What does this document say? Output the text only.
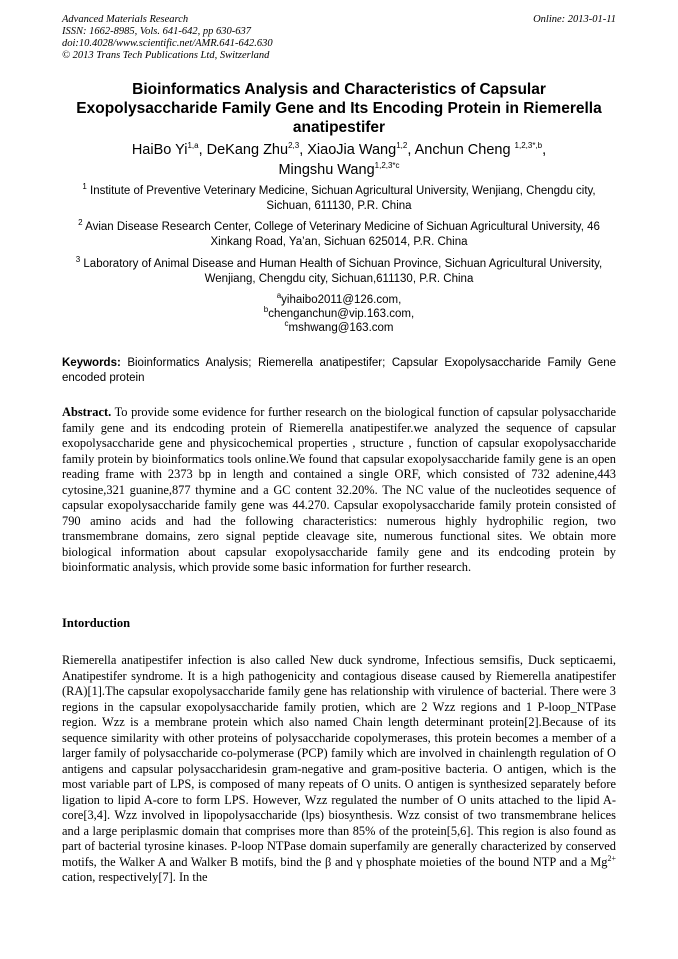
Advanced Materials Research
ISSN: 1662-8985, Vols. 641-642, pp 630-637
doi:10.4028/www.scientific.net/AMR.641-642.630
© 2013 Trans Tech Publications Ltd, Switzerland
Online: 2013-01-11
Bioinformatics Analysis and Characteristics of Capsular Exopolysaccharide Family Gene and Its Encoding Protein in Riemerella anatipestifer
HaiBo Yi$^{1,a}$, DeKang Zhu$^{2,3}$, XiaoJia Wang$^{1,2}$, Anchun Cheng $^{1,2,3*,b}$,
Mingshu Wang$^{1,2,3*c}$
$^1$ Institute of Preventive Veterinary Medicine, Sichuan Agricultural University, Wenjiang, Chengdu city, Sichuan, 611130, P.R. China
$^2$ Avian Disease Research Center, College of Veterinary Medicine of Sichuan Agricultural University, 46 Xinkang Road, Ya’an, Sichuan 625014, P.R. China
$^3$ Laboratory of Animal Disease and Human Health of Sichuan Province, Sichuan Agricultural University, Wenjiang, Chengdu city, Sichuan,611130, P.R. China
$^a$yihaibo2011@126.com,
$^b$chenganchun@vip.163.com,
$^c$mshwang@163.com
Keywords: Bioinformatics Analysis; Riemerella anatipestifer; Capsular Exopolysaccharide Family Gene encoded protein

Abstract. To provide some evidence for further research on the biological function of capsular polysaccharide family gene and its endcoding protein of Riemerella anatipestifer.we analyzed the sequence of capsular exopolysaccharide gene and physicochemical properties , structure , function of capsular exopolysaccharide family protein by bioinformatics tools online.We found that capsular exopolysaccharide family gene is an open reading frame with 2373 bp in length and contained a single ORF, which consisted of 732 adenine,443 cytosine,321 guanine,877 thymine and a GC content 32.20%. The NC value of the nucleotides sequence of capsular exopolysaccharide family gene was 44.270. Capsular exopolysaccharide family protein consisted of 790 amino acids and had the following characteristics: numerous highly hydrophilic region, two transmembrane domains, zero signal peptide cleavage site, numerous functional sites. We obtain more biological information about capsular exopolysaccharide family gene and its endcoding protein by bioinformatic analysis, which provide some basic information for further research.

Intorduction

Riemerella anatipestifer infection is also called New duck syndrome, Infectious semsifis, Duck septicaemi, Anatipestifer syndrome. It is a high pathogenicity and contagious disease caused by Riemerella anatipestifer (RA)[1].The capsular exopolysaccharide family gene has relationship with virulence of bacterial. There were 3 regions in the capsular exopolysaccharide family protien, which are 2 Wzz regions and 1 P-loop_NTPase region. Wzz is a membrane protein which also named Chain length determinant protein[2].Because of its sequence similarity with other proteins of polysaccharide copolymerases, this protein becomes a member of a larger family of polysaccharide co-polymerase (PCP) family which are involved in chainlength regulation of O antigens and capsular polysaccharidesin gram-negative and gram-positive bacteria. O antigen, which is the most variable part of LPS, is composed of many repeats of O units. O antigen is synthesized separately before ligation to lipid A-core to form LPS. However, Wzz regulated the number of O units attached to the lipid A-core[3,4]. Wzz involved in lipopolysaccharide (lps) biosynthesis. Wzz consist of two transmembrane helices and a large periplasmic domain that comprises more than 85% of the protein[5,6]. This region is also found as part of bacterial tyrosine kinases. P-loop NTPase domain superfamily are generally characterized by conserved motifs, the Walker A and Walker B motifs, bind the β and γ phosphate moieties of the bound NTP and a $Mg^{2+}$ cation, respectively[7]. In the
